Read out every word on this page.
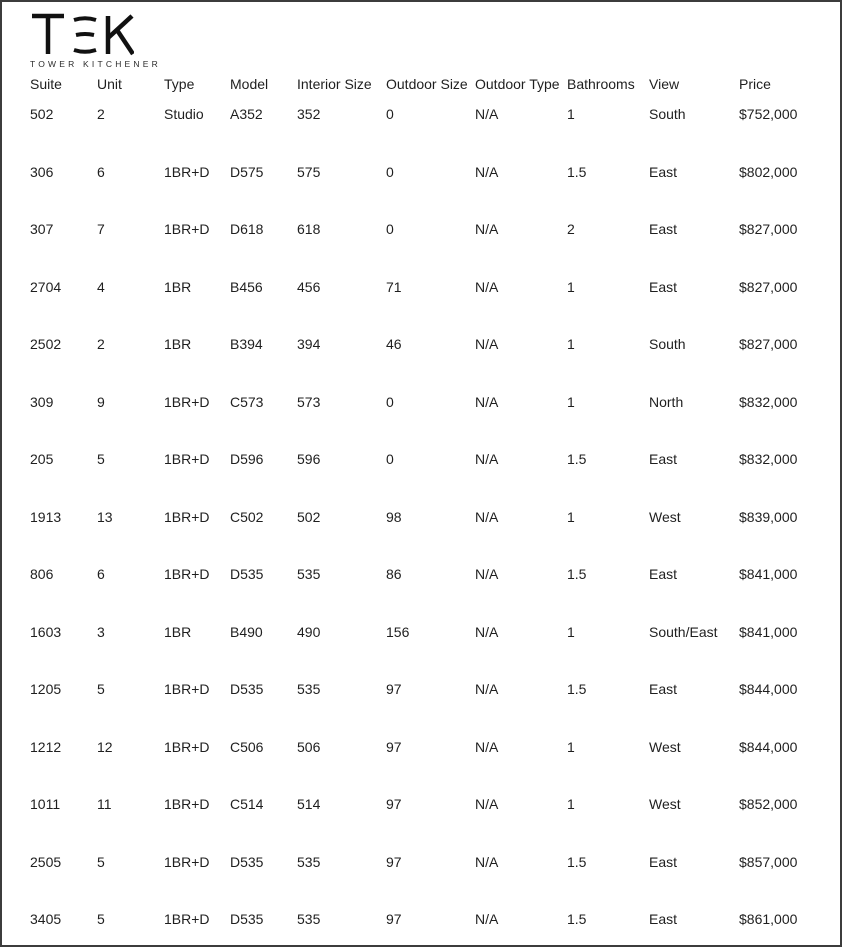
TOWER KITCHENER
Suite	Unit	Type	Model	Interior Size	Outdoor Size	Outdoor Type	Bathrooms	View	Price
502	2	Studio	A352	352	0	N/A	1	South	$752,000
306	6	1BR+D	D575	575	0	N/A	1.5	East	$802,000
307	7	1BR+D	D618	618	0	N/A	2	East	$827,000
2704	4	1BR	B456	456	71	N/A	1	East	$827,000
2502	2	1BR	B394	394	46	N/A	1	South	$827,000
309	9	1BR+D	C573	573	0	N/A	1	North	$832,000
205	5	1BR+D	D596	596	0	N/A	1.5	East	$832,000
1913	13	1BR+D	C502	502	98	N/A	1	West	$839,000
806	6	1BR+D	D535	535	86	N/A	1.5	East	$841,000
1603	3	1BR	B490	490	156	N/A	1	South/East	$841,000
1205	5	1BR+D	D535	535	97	N/A	1.5	East	$844,000
1212	12	1BR+D	C506	506	97	N/A	1	West	$844,000
1011	11	1BR+D	C514	514	97	N/A	1	West	$852,000
2505	5	1BR+D	D535	535	97	N/A	1.5	East	$857,000
3405	5	1BR+D	D535	535	97	N/A	1.5	East	$861,000
